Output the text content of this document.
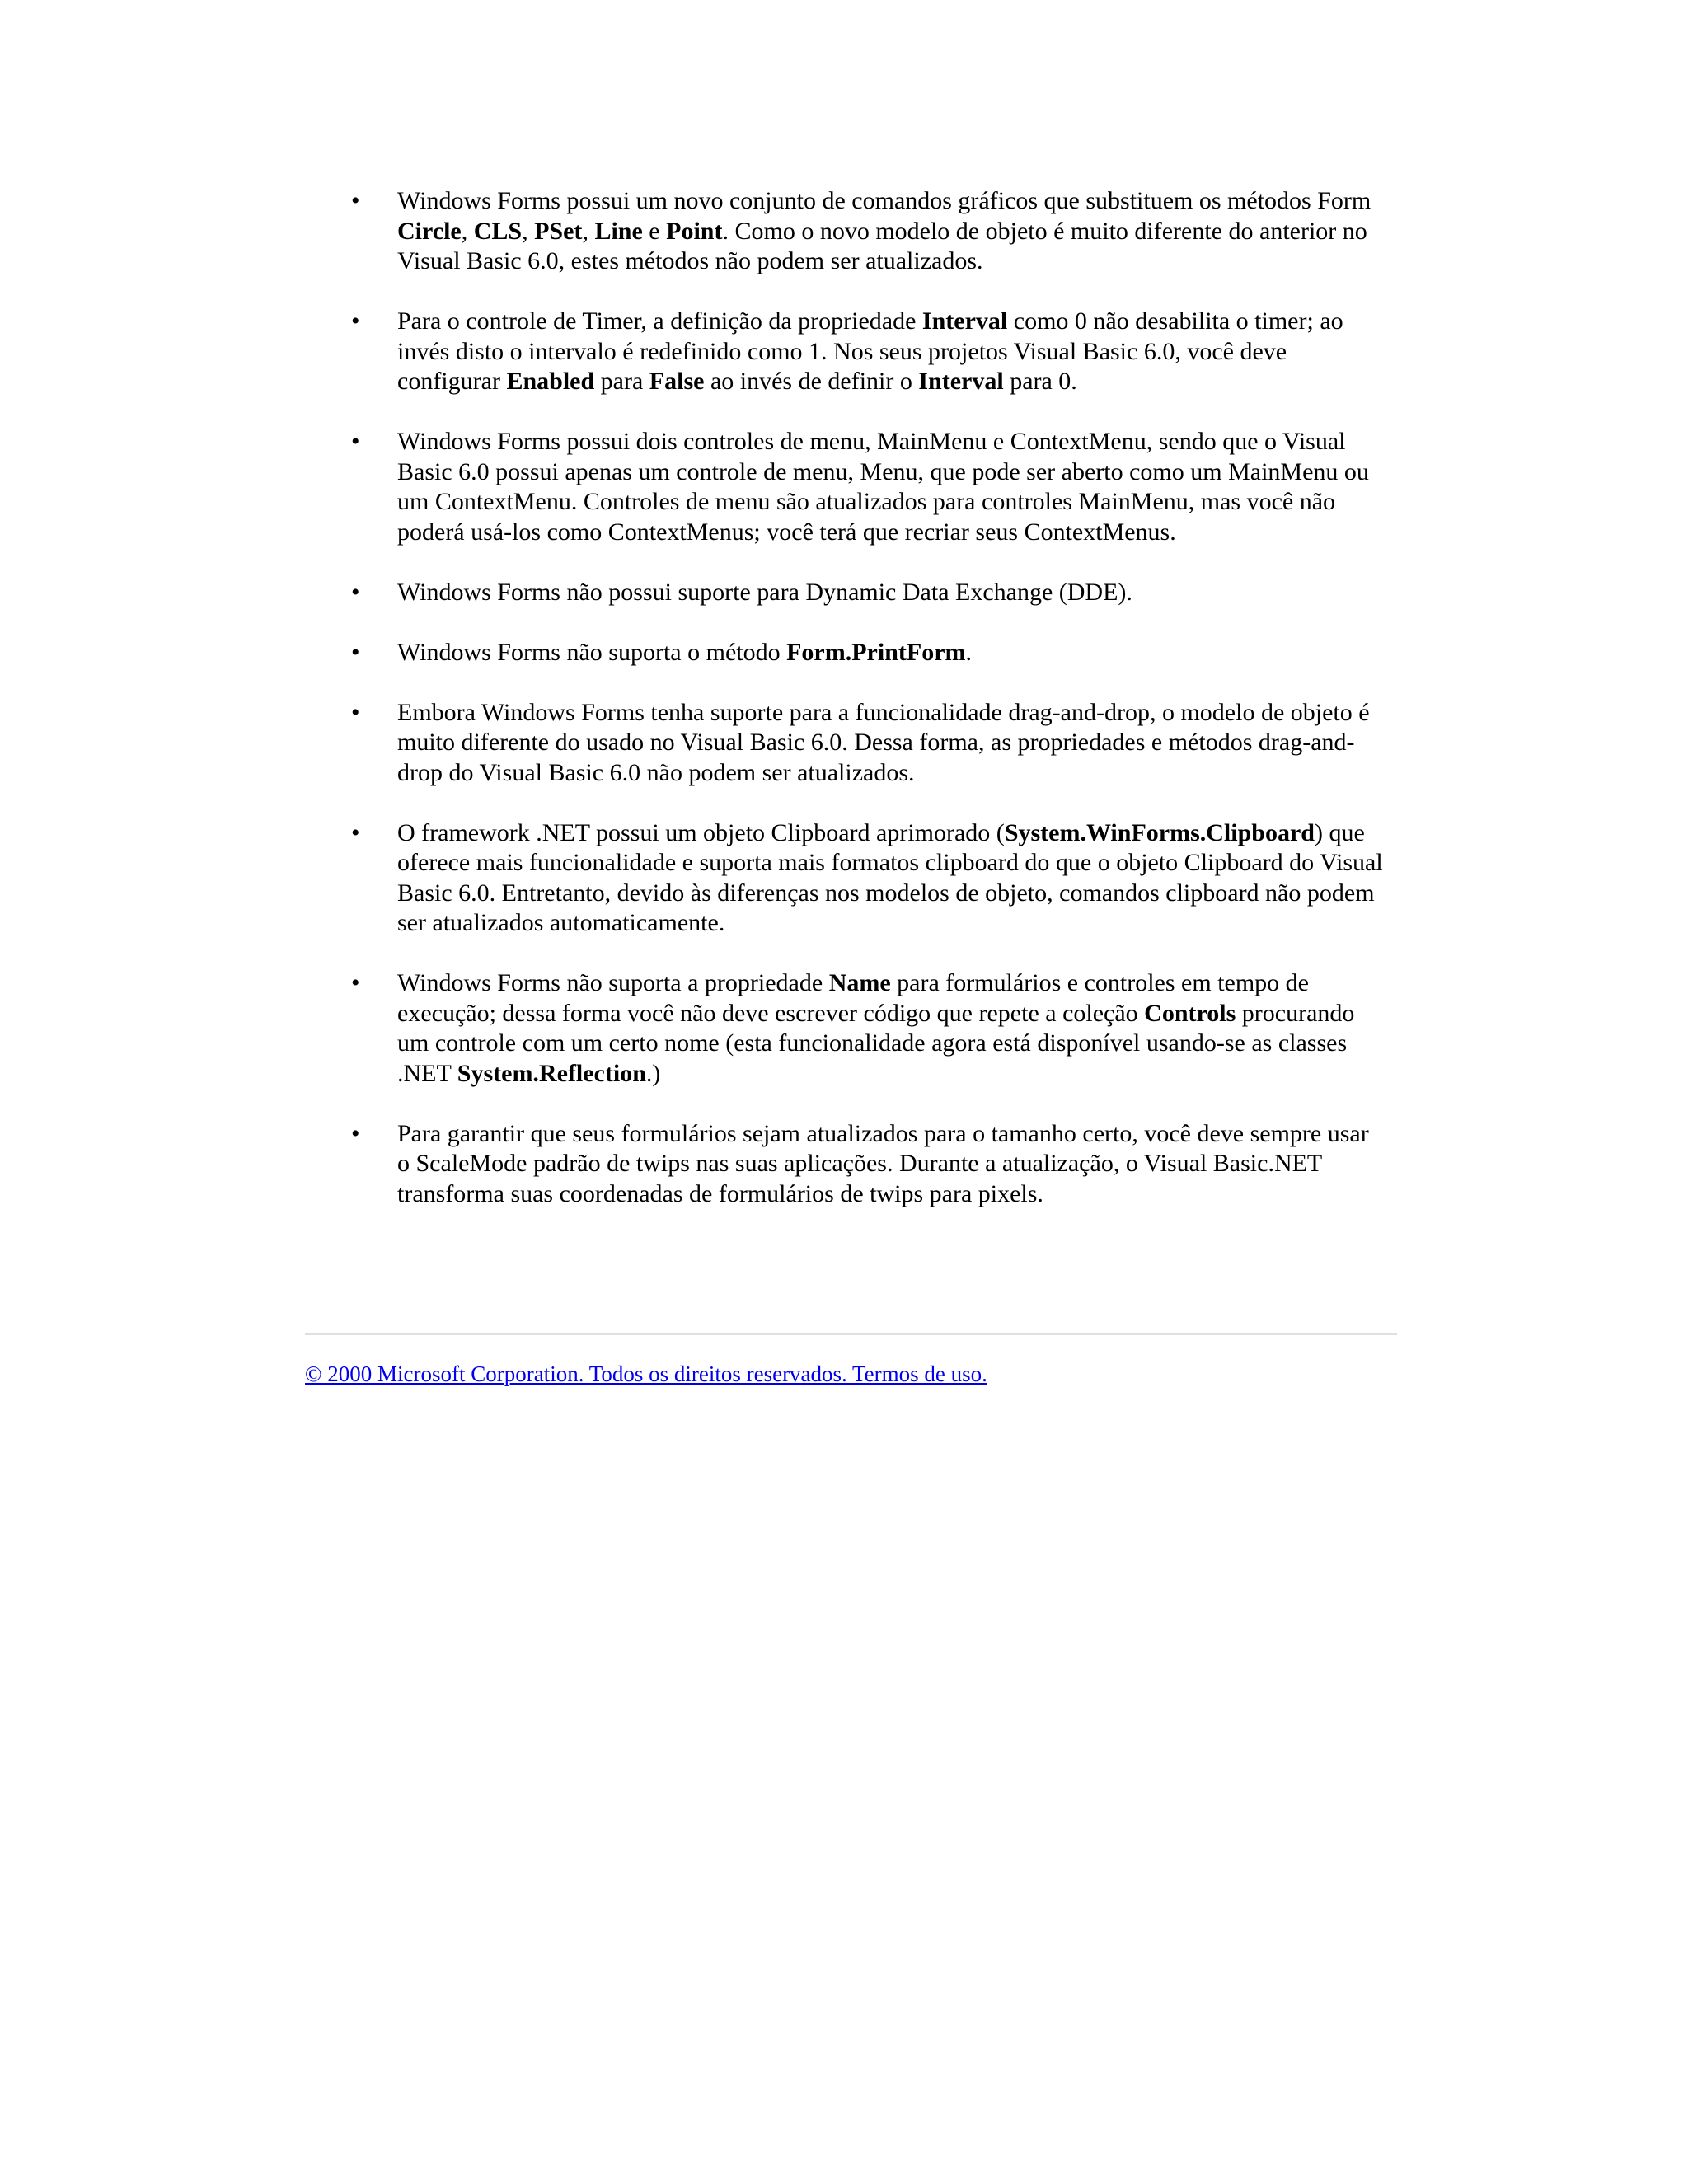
• Windows Forms possui um novo conjunto de comandos gráficos que substituem os métodos Form Circle, CLS, PSet, Line e Point. Como o novo modelo de objeto é muito diferente do anterior no Visual Basic 6.0, estes métodos não podem ser atualizados.
• Para o controle de Timer, a definição da propriedade Interval como 0 não desabilita o timer; ao invés disto o intervalo é redefinido como 1. Nos seus projetos Visual Basic 6.0, você deve configurar Enabled para False ao invés de definir o Interval para 0.
• Windows Forms possui dois controles de menu, MainMenu e ContextMenu, sendo que o Visual Basic 6.0 possui apenas um controle de menu, Menu, que pode ser aberto como um MainMenu ou um ContextMenu. Controles de menu são atualizados para controles MainMenu, mas você não poderá usá-los como ContextMenus; você terá que recriar seus ContextMenus.
• Windows Forms não possui suporte para Dynamic Data Exchange (DDE).
• Windows Forms não suporta o método Form.PrintForm.
• Embora Windows Forms tenha suporte para a funcionalidade drag-and-drop, o modelo de objeto é muito diferente do usado no Visual Basic 6.0. Dessa forma, as propriedades e métodos drag-and-drop do Visual Basic 6.0 não podem ser atualizados.
• O framework .NET possui um objeto Clipboard aprimorado (System.WinForms.Clipboard) que oferece mais funcionalidade e suporta mais formatos clipboard do que o objeto Clipboard do Visual Basic 6.0. Entretanto, devido às diferenças nos modelos de objeto, comandos clipboard não podem ser atualizados automaticamente.
• Windows Forms não suporta a propriedade Name para formulários e controles em tempo de execução; dessa forma você não deve escrever código que repete a coleção Controls procurando um controle com um certo nome (esta funcionalidade agora está disponível usando-se as classes .NET System.Reflection.)
• Para garantir que seus formulários sejam atualizados para o tamanho certo, você deve sempre usar o ScaleMode padrão de twips nas suas aplicações. Durante a atualização, o Visual Basic.NET transforma suas coordenadas de formulários de twips para pixels.
© 2000 Microsoft Corporation. Todos os direitos reservados. Termos de uso.
